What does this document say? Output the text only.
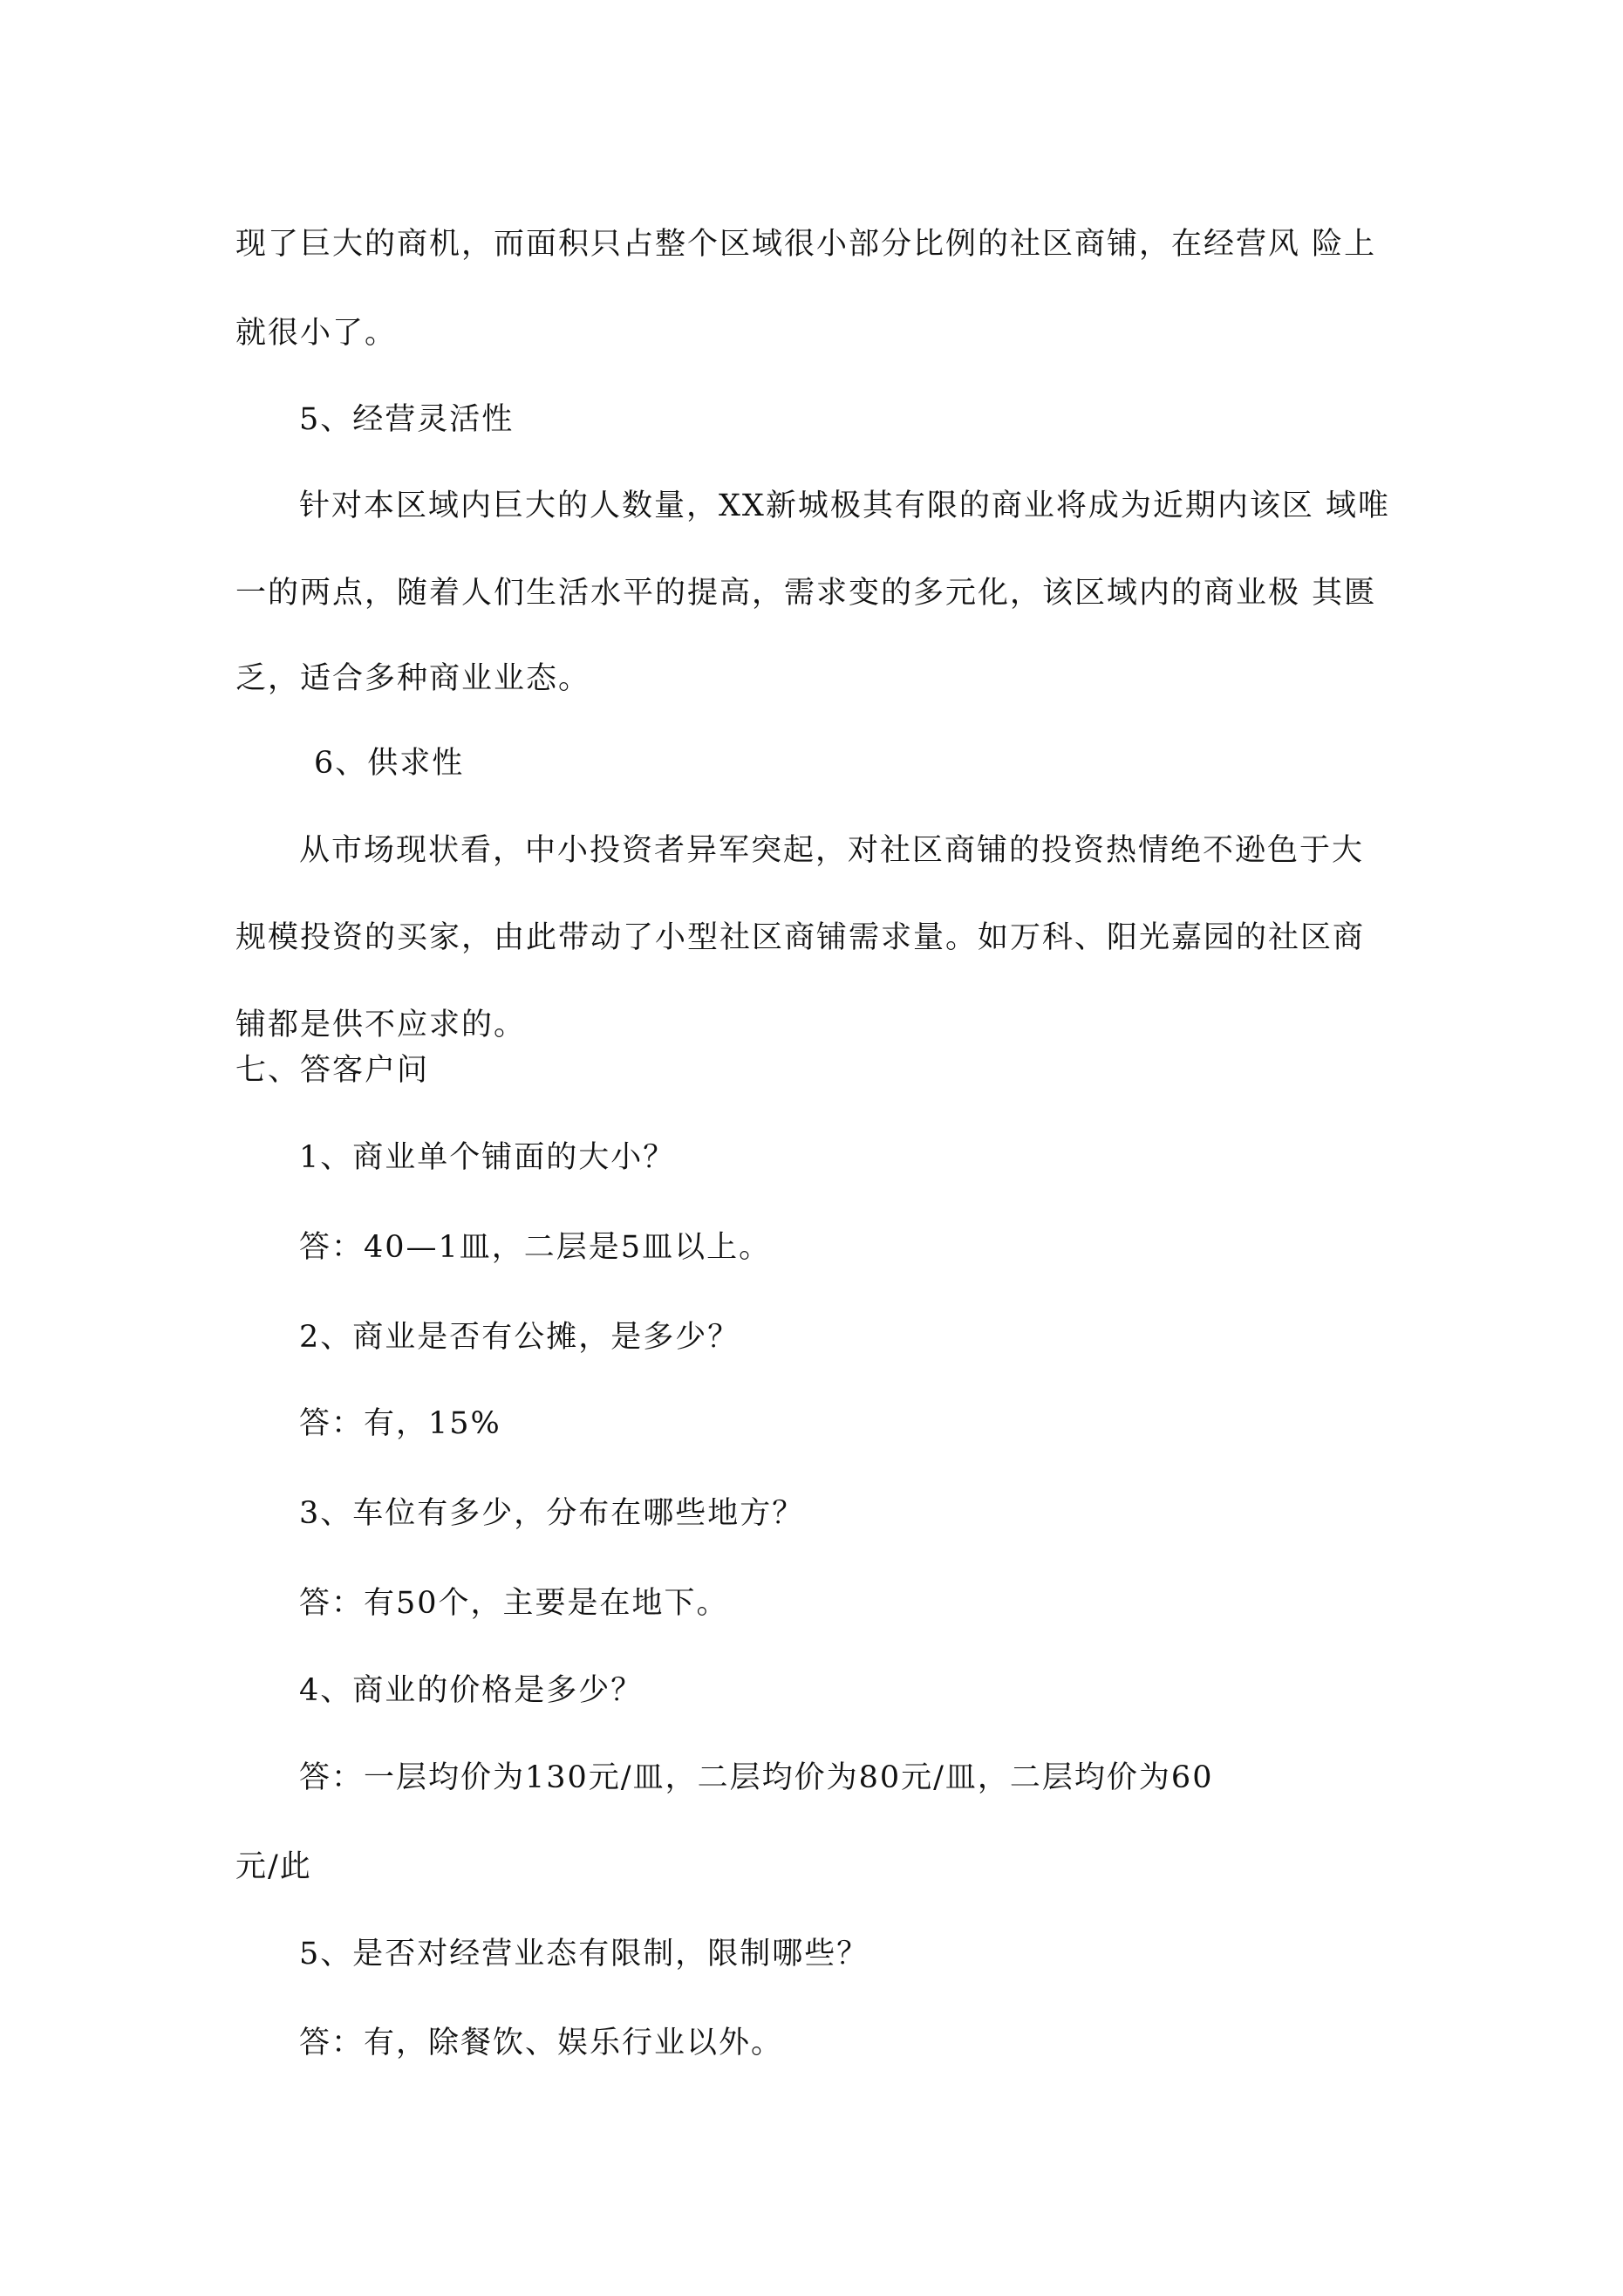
现了巨大的商机，而面积只占整个区域很小部分比例的社区商铺，在经营风 险上
就很小了。
5、经营灵活性
针对本区域内巨大的人数量，XX新城极其有限的商业将成为近期内该区 域唯
一的两点，随着人们生活水平的提高，需求变的多元化，该区域内的商业极 其匮
乏，适合多种商业业态。
6、供求性
从市场现状看，中小投资者异军突起，对社区商铺的投资热情绝不逊色于大
规模投资的买家，由此带动了小型社区商铺需求量。如万科、阳光嘉园的社区商
铺都是供不应求的。
七、答客户问
1、商业单个铺面的大小？
答：40—1皿，二层是5皿以上。
2、商业是否有公摊，是多少？
答：有，15%
3、车位有多少，分布在哪些地方？
答：有50个，主要是在地下。
4、商业的价格是多少？
答：一层均价为130元/皿，二层均价为80元/皿，二层均价为60
元/此
5、是否对经营业态有限制，限制哪些？
答：有，除餐饮、娱乐行业以外。
